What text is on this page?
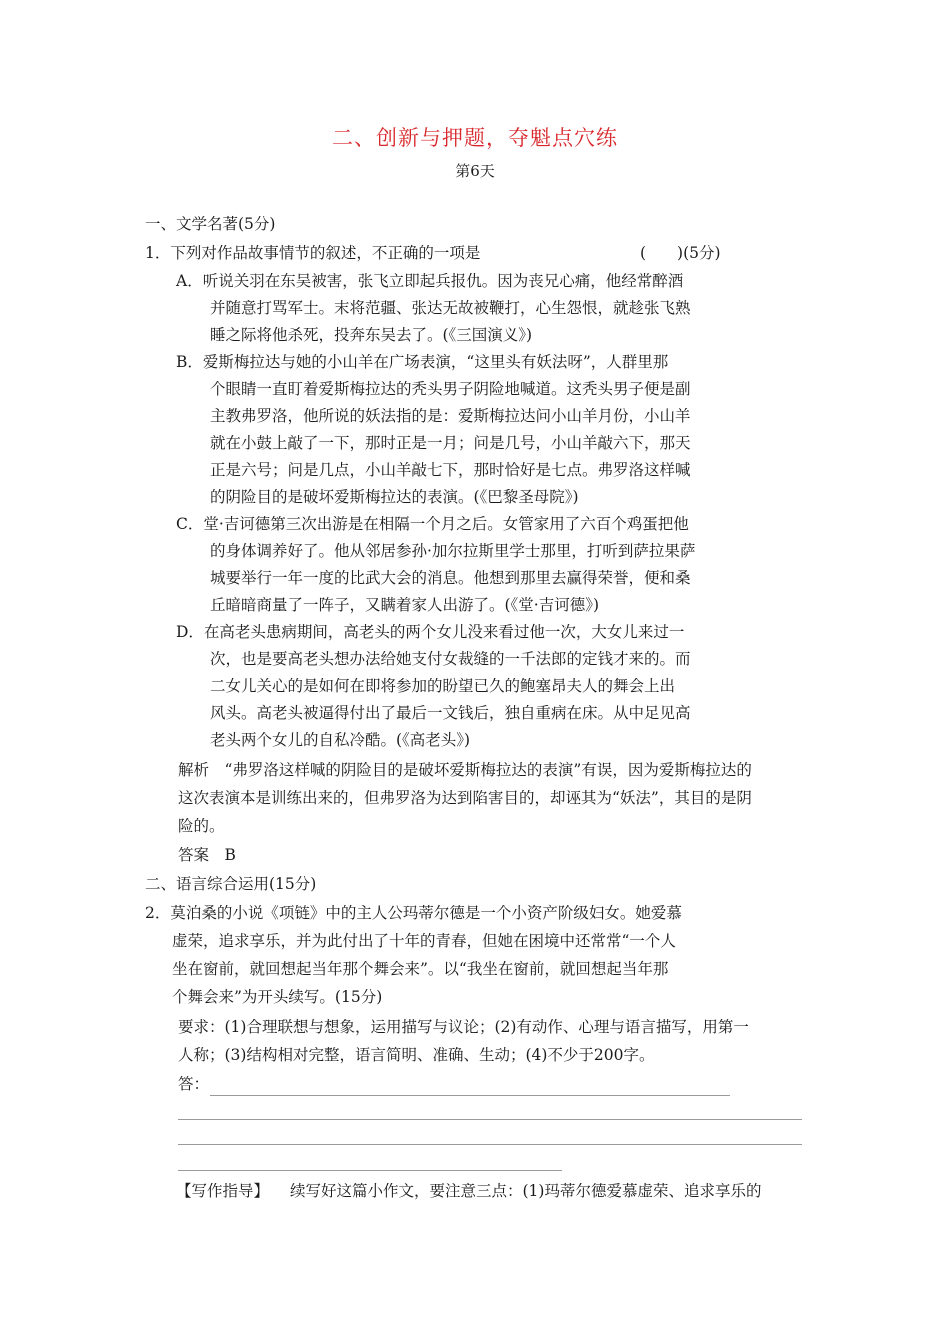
二、创新与押题，夺魁点穴练
第6天
一、文学名著(5分)
1．下列对作品故事情节的叙述，不正确的一项是	(　　)(5分)
A．听说关羽在东吴被害，张飞立即起兵报仇。因为丧兄心痛，他经常醉酒
并随意打骂军士。末将范疆、张达无故被鞭打，心生怨恨，就趁张飞熟
睡之际将他杀死，投奔东吴去了。(《三国演义》)
B．爱斯梅拉达与她的小山羊在广场表演，“这里头有妖法呀”，人群里那
个眼睛一直盯着爱斯梅拉达的秃头男子阴险地喊道。这秃头男子便是副
主教弗罗洛，他所说的妖法指的是：爱斯梅拉达问小山羊月份，小山羊
就在小鼓上敲了一下，那时正是一月；问是几号，小山羊敲六下，那天
正是六号；问是几点，小山羊敲七下，那时恰好是七点。弗罗洛这样喊
的阴险目的是破坏爱斯梅拉达的表演。(《巴黎圣母院》)
C．堂·吉诃德第三次出游是在相隔一个月之后。女管家用了六百个鸡蛋把他
的身体调养好了。他从邻居参孙·加尔拉斯里学士那里，打听到萨拉果萨
城要举行一年一度的比武大会的消息。他想到那里去赢得荣誉，便和桑
丘暗暗商量了一阵子，又瞒着家人出游了。(《堂·吉诃德》)
D．在高老头患病期间，高老头的两个女儿没来看过他一次，大女儿来过一
次，也是要高老头想办法给她支付女裁缝的一千法郎的定钱才来的。而
二女儿关心的是如何在即将参加的盼望已久的鲍塞昂夫人的舞会上出
风头。高老头被逼得付出了最后一文钱后，独自重病在床。从中足见高
老头两个女儿的自私冷酷。(《高老头》)
解析　“弗罗洛这样喊的阴险目的是破坏爱斯梅拉达的表演”有误，因为爱斯梅拉达的
这次表演本是训练出来的，但弗罗洛为达到陷害目的，却诬其为“妖法”，其目的是阴
险的。
答案　B
二、语言综合运用(15分)
2．莫泊桑的小说《项链》中的主人公玛蒂尔德是一个小资产阶级妇女。她爱慕
虚荣，追求享乐，并为此付出了十年的青春，但她在困境中还常常“一个人
坐在窗前，就回想起当年那个舞会来”。以“我坐在窗前，就回想起当年那
个舞会来”为开头续写。(15分)
要求：(1)合理联想与想象，运用描写与议论；(2)有动作、心理与语言描写，用第一
人称；(3)结构相对完整，语言简明、准确、生动；(4)不少于200字。
答：
【写作指导】 续写好这篇小作文，要注意三点：(1)玛蒂尔德爱慕虚荣、追求享乐的
